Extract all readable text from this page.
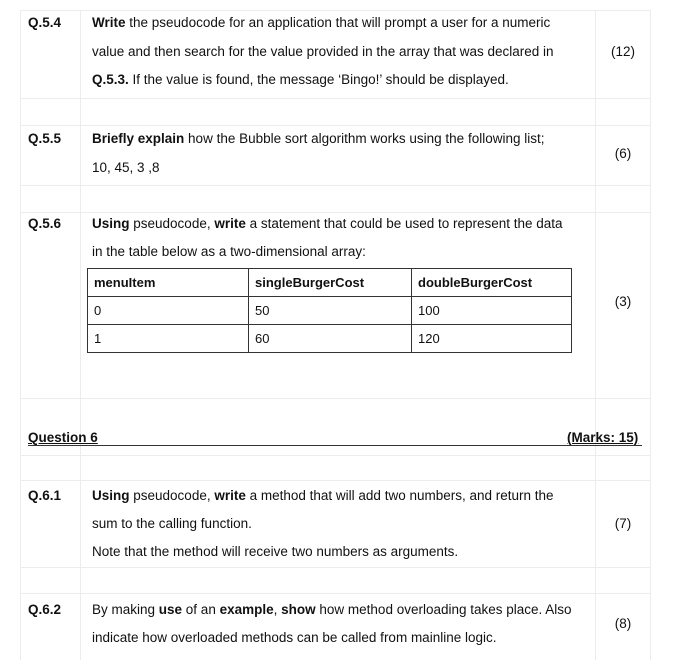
Q.5.4 Write the pseudocode for an application that will prompt a user for a numeric
value and then search for the value provided in the array that was declared in
Q.5.3. If the value is found, the message ‘Bingo!’ should be displayed.
(12)
Q.5.5 Briefly explain how the Bubble sort algorithm works using the following list;
10, 45, 3 ,8
(6)
Q.5.6 Using pseudocode, write a statement that could be used to represent the data
in the table below as a two-dimensional array:
(3)
menuItem	singleBurgerCost	doubleBurgerCost
0	50	100
1	60	120
Question 6	(Marks: 15)
Q.6.1 Using pseudocode, write a method that will add two numbers, and return the
sum to the calling function.
Note that the method will receive two numbers as arguments.
(7)
Q.6.2 By making use of an example, show how method overloading takes place. Also
indicate how overloaded methods can be called from mainline logic.
(8)
